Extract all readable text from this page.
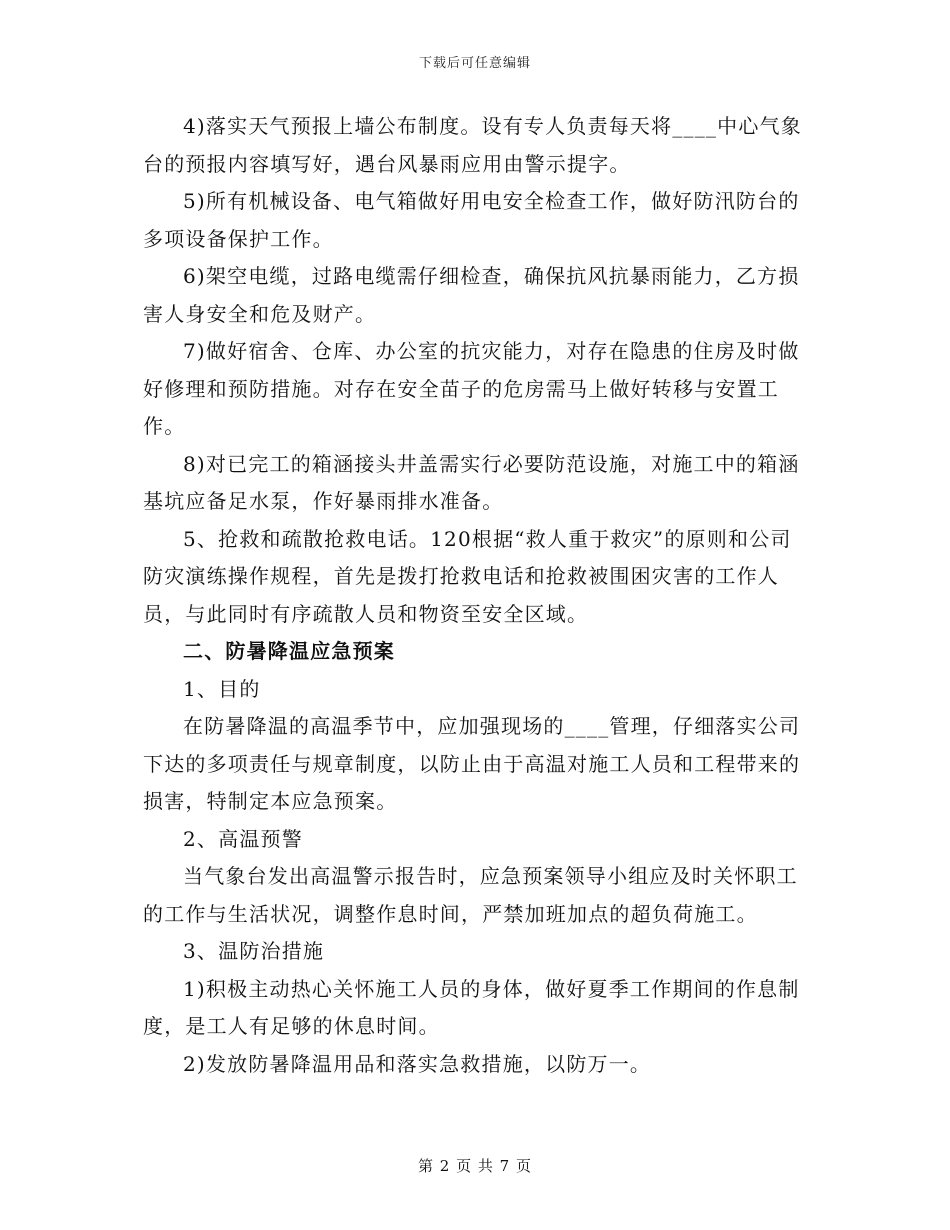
下载后可任意编辑

4)落实天气预报上墙公布制度。设有专人负责每天将____中心气象台的预报内容填写好，遇台风暴雨应用由警示提字。

5)所有机械设备、电气箱做好用电安全检查工作，做好防汛防台的多项设备保护工作。

6)架空电缆，过路电缆需仔细检查，确保抗风抗暴雨能力，乙方损害人身安全和危及财产。

7)做好宿舍、仓库、办公室的抗灾能力，对存在隐患的住房及时做好修理和预防措施。对存在安全苗子的危房需马上做好转移与安置工作。

8)对已完工的箱涵接头井盖需实行必要防范设施，对施工中的箱涵基坑应备足水泵，作好暴雨排水准备。

5、抢救和疏散抢救电话。120根据“救人重于救灾”的原则和公司防灾演练操作规程，首先是拨打抢救电话和抢救被围困灾害的工作人员，与此同时有序疏散人员和物资至安全区域。

二、防暑降温应急预案

1、目的

在防暑降温的高温季节中，应加强现场的____管理，仔细落实公司下达的多项责任与规章制度，以防止由于高温对施工人员和工程带来的损害，特制定本应急预案。

2、高温预警

当气象台发出高温警示报告时，应急预案领导小组应及时关怀职工的工作与生活状况，调整作息时间，严禁加班加点的超负荷施工。

3、温防治措施

1)积极主动热心关怀施工人员的身体，做好夏季工作期间的作息制度，是工人有足够的休息时间。

2)发放防暑降温用品和落实急救措施，以防万一。

第 2 页 共 7 页
